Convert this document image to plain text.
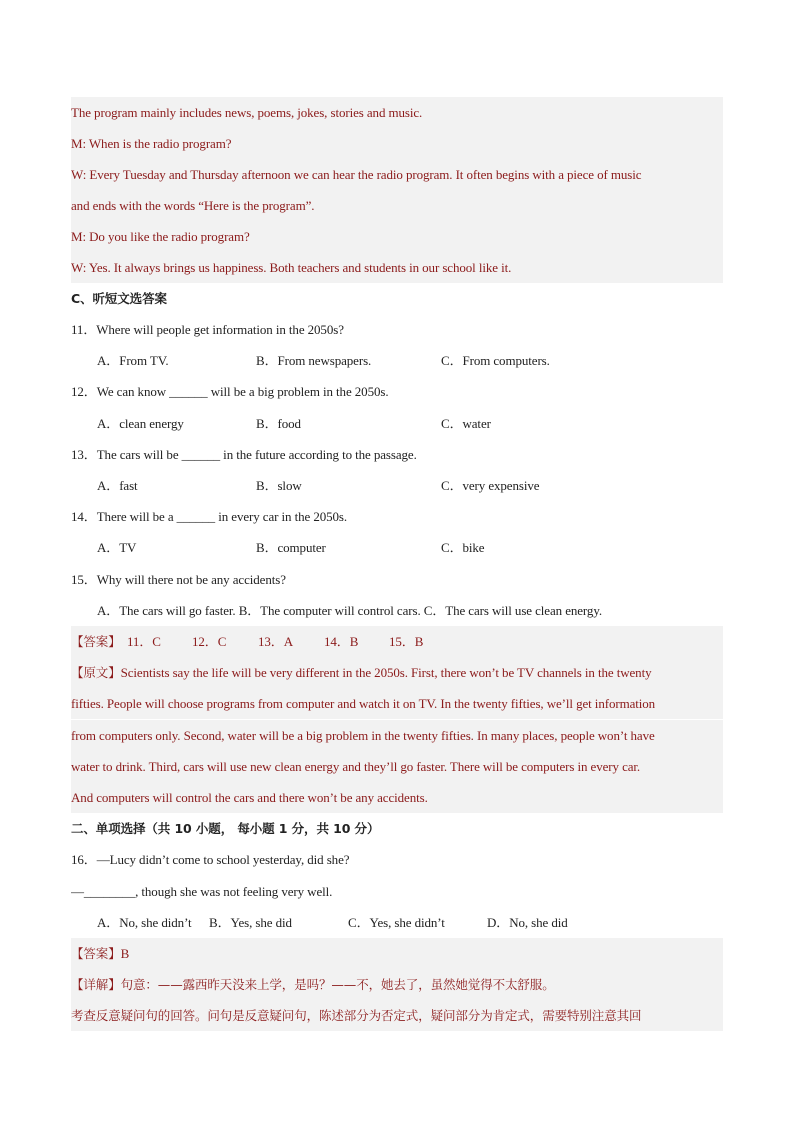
The program mainly includes news, poems, jokes, stories and music.
M: When is the radio program?
W: Every Tuesday and Thursday afternoon we can hear the radio program. It often begins with a piece of music
and ends with the words “Here is the program”.
M: Do you like the radio program?
W: Yes. It always brings us happiness. Both teachers and students in our school like it.
C、听短文选答案
11．Where will people get information in the 2050s?
A．From TV.	B．From newspapers.	C．From computers.
12．We can know ______ will be a big problem in the 2050s.
A．clean energy	B．food	C．water
13．The cars will be ______ in the future according to the passage.
A．fast	B．slow	C．very expensive
14．There will be a ______ in every car in the 2050s.
A．TV	B．computer	C．bike
15．Why will there not be any accidents?
A．The cars will go faster. B．The computer will control cars. C．The cars will use clean energy.
【答案】 11．C 12．C 13．A 14．B 15．B
【原文】Scientists say the life will be very different in the 2050s. First, there won’t be TV channels in the twenty
fifties. People will choose programs from computer and watch it on TV. In the twenty fifties, we’ll get information
from computers only. Second, water will be a big problem in the twenty fifties. In many places, people won’t have
water to drink. Third, cars will use new clean energy and they’ll go faster. There will be computers in every car.
And computers will control the cars and there won’t be any accidents.
二、单项选择（共 10 小题， 每小题 1 分，共 10 分）
16．—Lucy didn’t come to school yesterday, did she?
—________, though she was not feeling very well.
A．No, she didn’t B．Yes, she did	C．Yes, she didn’t	D．No, she did
【答案】B
【详解】句意：——露西昨天没来上学，是吗？——不，她去了，虽然她觉得不太舒服。
考查反意疑问句的回答。问句是反意疑问句，陈述部分为否定式，疑问部分为肯定式，需要特别注意其回
